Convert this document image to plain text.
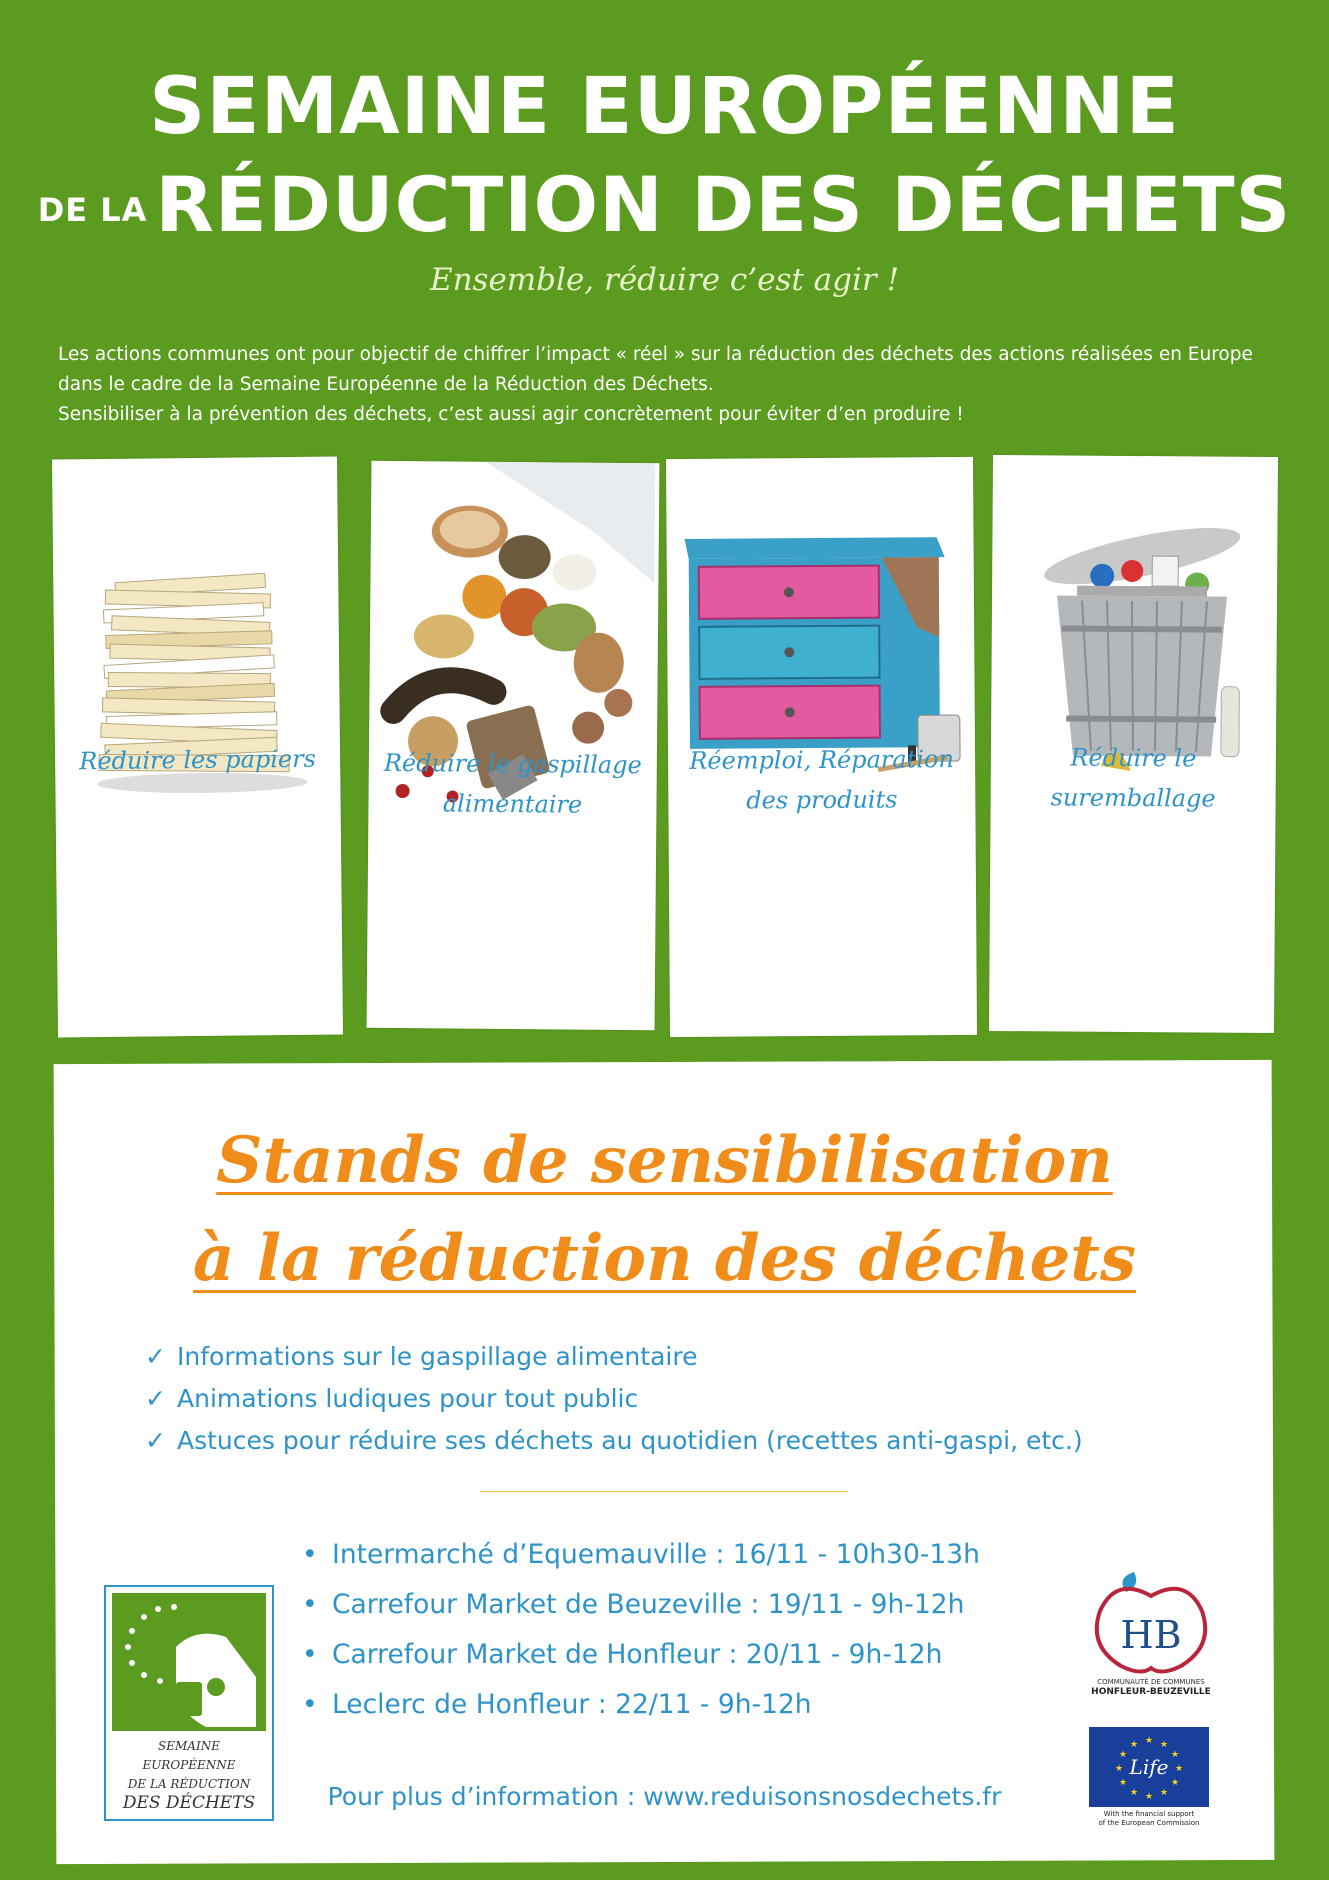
SEMAINE EUROPÉENNE
DE LA RÉDUCTION DES DÉCHETS
Ensemble, réduire c’est agir !

Les actions communes ont pour objectif de chiffrer l’impact « réel » sur la réduction des déchets des actions réalisées en Europe

dans le cadre de la Semaine Européenne de la Réduction des Déchets.

Sensibiliser à la prévention des déchets, c’est aussi agir concrètement pour éviter d’en produire !

Réduire les papiers	Réduire le gaspillage alimentaire
Réemploi, Réparation des produits
Réduire le suremballage
Stands de sensibilisation
à la réduction des déchets
✓ Informations sur le gaspillage alimentaire
✓ Animations ludiques pour tout public
✓ Astuces pour réduire ses déchets au quotidien (recettes anti-gaspi, etc.)
• Intermarché d’Equemauville : 16/11 - 10h30-13h
• Carrefour Market de Beuzeville : 19/11 - 9h-12h
• Carrefour Market de Honfleur : 20/11 - 9h-12h
• Leclerc de Honfleur : 22/11 - 9h-12h
Pour plus d’information : www.reduisonsnosdechets.fr
SEMAINE EUROPÉENNE
DE LA RÉDUCTION
DES DÉCHETS
HB
COMMUNAUTÉ DE COMMUNES
HONFLEUR-BEUZEVILLE
★ ★
★
★
★
★
★
★
★
★
★
★
Life
With the financial support
of the European Commission
